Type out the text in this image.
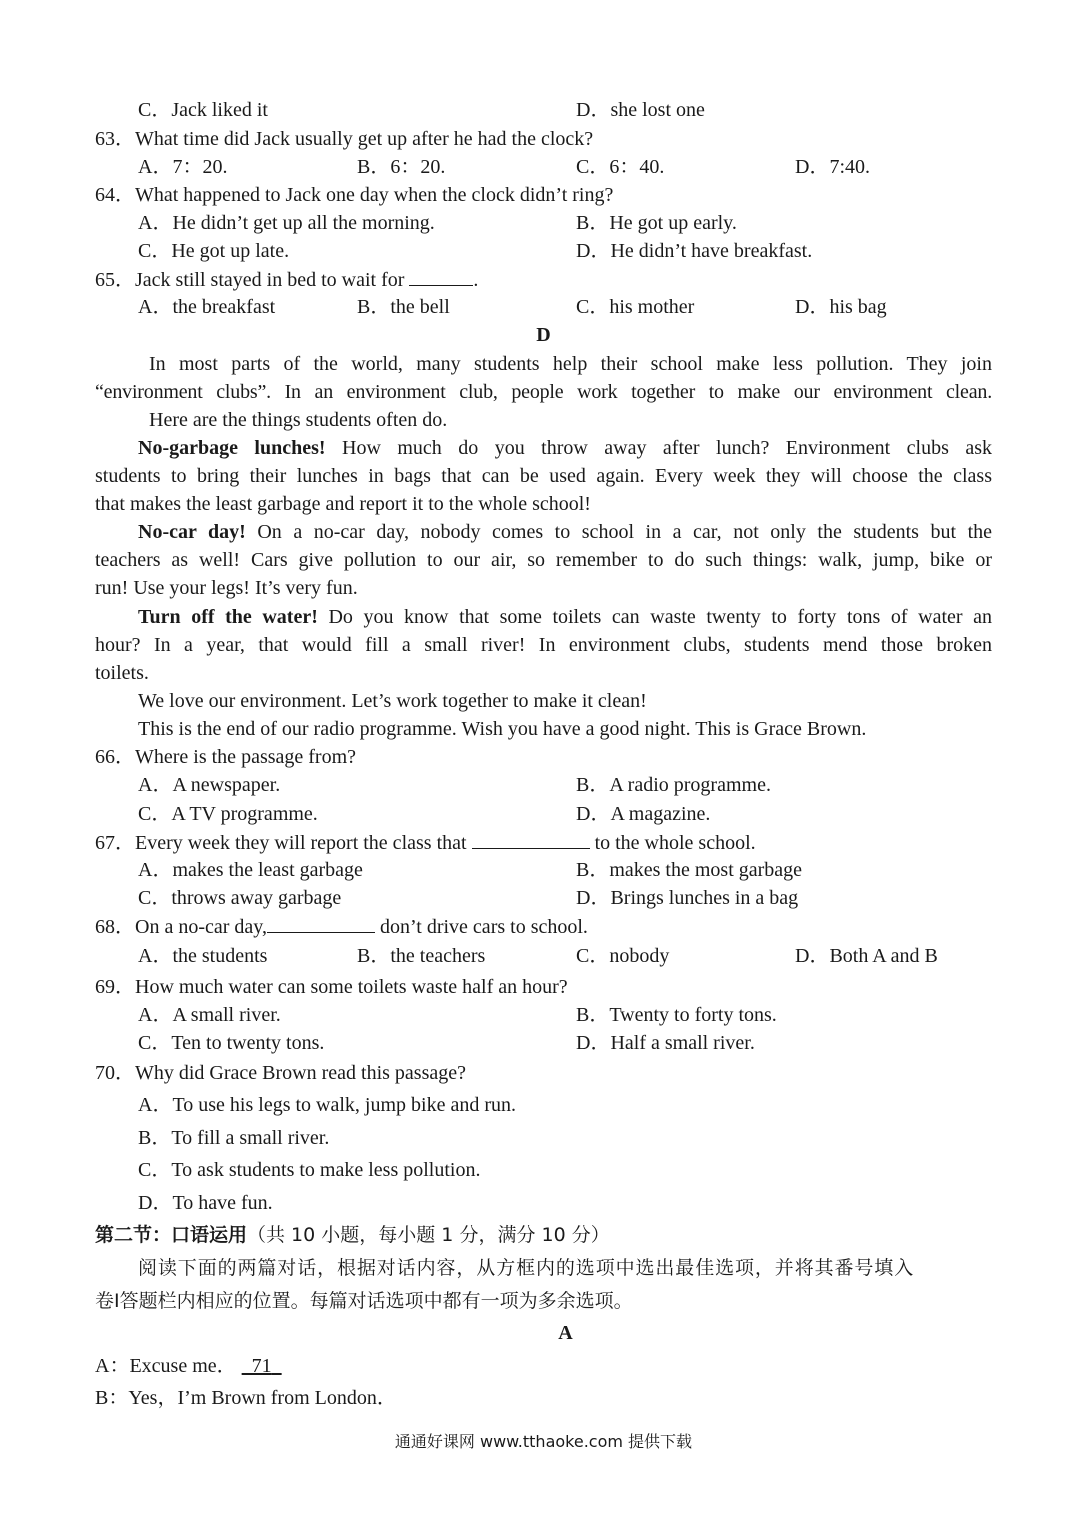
C．Jack liked it	D．she lost one
63．What time did Jack usually get up after he had the clock?
A．7：20.	B．6：20.	C．6：40.	D．7:40.
64．What happened to Jack one day when the clock didn’t ring?
A．He didn’t get up all the morning.	B．He got up early.
C．He got up late.	D．He didn’t have breakfast.
65．Jack still stayed in bed to wait for	.
A．the breakfast	B．the bell	C．his mother	D．his bag
D
In most parts of the world, many students help their school make less pollution. They join
“environment clubs”. In an environment club, people work together to make our environment clean.
Here are the things students often do.
No-garbage lunches! How much do you throw away after lunch? Environment clubs ask
students to bring their lunches in bags that can be used again. Every week they will choose the class
that makes the least garbage and report it to the whole school!
No-car day! On a no-car day, nobody comes to school in a car, not only the students but the
teachers as well! Cars give pollution to our air, so remember to do such things: walk, jump, bike or
run! Use your legs! It’s very fun.
Turn off the water! Do you know that some toilets can waste twenty to forty tons of water an
hour? In a year, that would fill a small river! In environment clubs, students mend those broken
toilets.
We love our environment. Let’s work together to make it clean!
This is the end of our radio programme. Wish you have a good night. This is Grace Brown.
66．Where is the passage from?
A．A newspaper.	B．A radio programme.
C．A TV programme.	D．A magazine.
67．Every week they will report the class that	to the whole school.
A．makes the least garbage	B．makes the most garbage
C．throws away garbage	D．Brings lunches in a bag
68．On a no-car day,	don’t drive cars to school.
A．the students	B．the teachers	C．nobody	D．Both A and B
69．How much water can some toilets waste half an hour?
A．A small river.	B．Twenty to forty tons.
C．Ten to twenty tons.	D．Half a small river.
70．Why did Grace Brown read this passage?
A．To use his legs to walk, jump bike and run.
B．To fill a small river.
C．To ask students to make less pollution.
D．To have fun.
第二节：口语运用（共 10 小题，每小题 1 分，满分 10 分）
阅读下面的两篇对话，根据对话内容，从方框内的选项中选出最佳选项，并将其番号填入
卷Ⅰ答题栏内相应的位置。每篇对话选项中都有一项为多余选项。
A
A：Excuse me．   71
B：Yes，I’m Brown from London．
通通好课网 www.tthaoke.com 提供下载
